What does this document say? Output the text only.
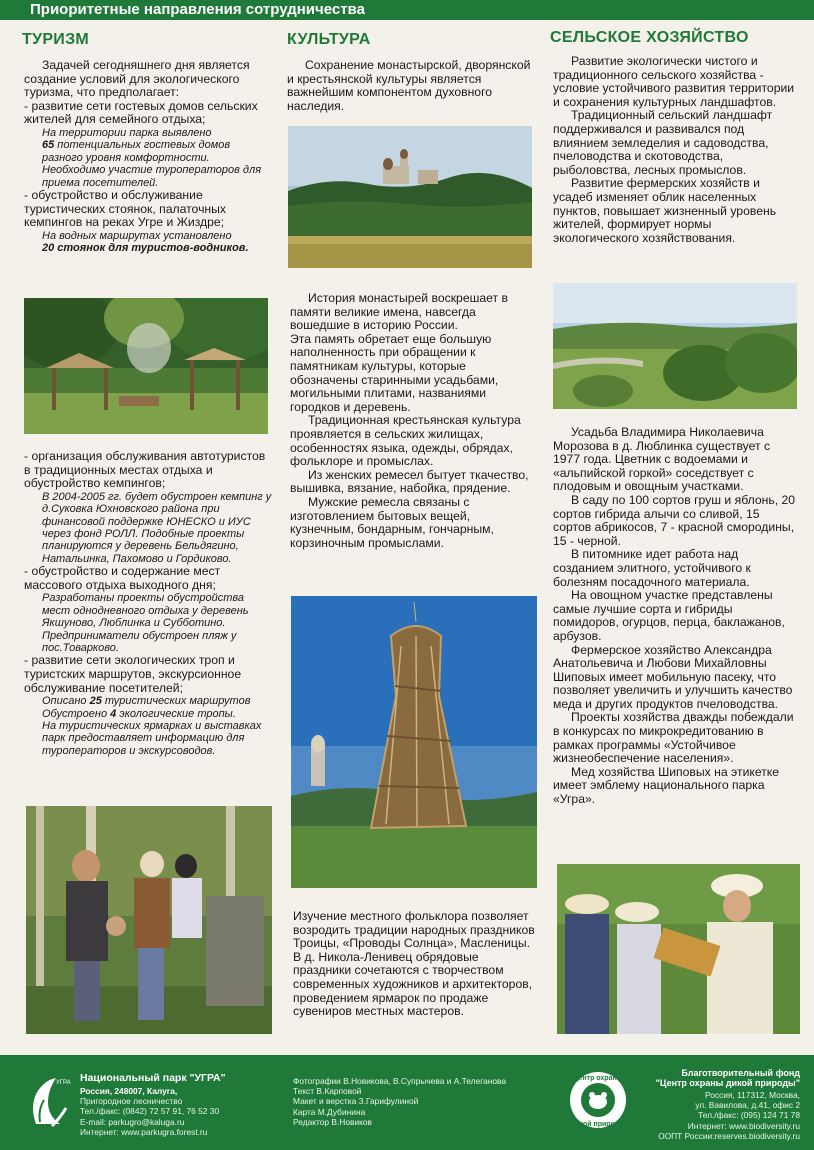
Приоритетные направления сотрудничества
ТУРИЗМ
Задачей сегодняшнего дня является создание условий для экологического туризма, что предполагает:
- развитие сети гостевых домов сельских жителей для семейного отдыха;
На территории парка выявлено
65 потенциальных гостевых домов разного уровня комфортности. Необходимо участие туроператоров для приема посетителей.
- обустройство и обслуживание туристических стоянок, палаточных кемпингов на реках Угре и Жиздре;
На водных маршрутах установлено
20 стоянок для туристов-водников.
- организация обслуживания автотуристов в традиционных местах отдыха и обустройство кемпингов;
В 2004-2005 гг. будет обустроен кемпинг у д.Суковка Юхновского района при финансовой поддержке ЮНЕСКО и ИУС через фонд РОЛЛ. Подобные проекты планируются у деревень Бельдягино, Натальинка, Пахомово и Гордиково.
- обустройство и содержание мест массового отдыха выходного дня;
Разработаны проекты обустройства мест однодневного отдыха у деревень Якшуново, Люблинка и Субботино. Предприниматели обустроен пляж у пос.Товарково.
- развитие сети экологических троп и туристских маршрутов, экскурсионное обслуживание посетителей;
Описано 25 туристических маршрутов
Обустроено 4 экологические тропы.
На туристических ярмарках и выставках парк предоставляет информацию для туроператоров и экскурсоводов.
КУЛЬТУРА
Сохранение монастырской, дворянской и крестьянской культуры является важнейшим компонентом духовного наследия.
История монастырей воскрешает в памяти великие имена, навсегда вошедшие в историю России.
Эта память обретает еще большую наполненность при обращении к памятникам культуры, которые обозначены старинными усадьбами, могильными плитами, названиями городков и деревень.
Традиционная крестьянская культура проявляется в сельских жилищах, особенностях языка, одежды, обрядах, фольклоре и промыслах.
Из женских ремесел бытует ткачество, вышивка, вязание, набойка, прядение.
Мужские ремесла связаны с изготовлением бытовых вещей, кузнечным, бондарным, гончарным, корзиночным промыслами.
Изучение местного фольклора позволяет возродить традиции народных праздников Троицы, «Проводы Солнца», Масленицы.
В д. Никола-Ленивец обрядовые праздники сочетаются с творчеством современных художников и архитекторов, проведением ярмарок по продаже сувениров местных мастеров.
СЕЛЬСКОЕ ХОЗЯЙСТВО
Развитие экологически чистого и традиционного сельского хозяйства - условие устойчивого развития территории и сохранения культурных ландшафтов.
Традиционный сельский ландшафт поддерживался и развивался под влиянием земледелия и садоводства, пчеловодства и скотоводства, рыболовства, лесных промыслов.
Развитие фермерских хозяйств и усадеб изменяет облик населенных пунктов, повышает жизненный уровень жителей, формирует нормы экологического хозяйствования.
Усадьба Владимира Николаевича Морозова в д. Люблинка существует с 1977 года. Цветник с водоемами и «альпийской горкой» соседствует с плодовым и овощным участками.
В саду по 100 сортов груш и яблонь, 20 сортов гибрида алычи со сливой, 15 сортов абрикосов, 7 - красной смородины, 15 - черной.
В питомнике идет работа над созданием элитного, устойчивого к болезням посадочного материала.
На овощном участке представлены самые лучшие сорта и гибриды помидоров, огурцов, перца, баклажанов, арбузов.
Фермерское хозяйство Александра Анатольевича и Любови Михайловны Шиповых имеет мобильную пасеку, что позволяет увеличить и улучшить качество меда и других продуктов пчеловодства.
Проекты хозяйства дважды побеждали в конкурсах по микрокредитованию в рамках программы «Устойчивое жизнеобеспечение населения».
Мед хозяйства Шиповых на этикетке имеет эмблему национального парка «Угра».
УГРА Национальный парк "УГРА"
Россия, 248007, Калуга,
Пригородное лесничество
Тел./факс: (0842) 72 57 91, 76 52 30
E-mail: parkugro@kaluga.ru
Интернет: www.parkugra.forest.ru
Фотографии В.Новикова, В.Супрычева и А.Телеганова
Текст В.Карповой
Макет и верстка З.Гарифулиной
Карта М.Дубинина
Редактор В.Новиков
Центр охраны
дикой природы
Благотворительный фонд
"Центр охраны дикой природы"
Россия, 117312, Москва,
ул. Вавилова, д.41, офис 2
Тел./факс: (095) 124 71 78
Интернет: www.biodiversity.ru
ООПТ России:reserves.biodiversity.ru
